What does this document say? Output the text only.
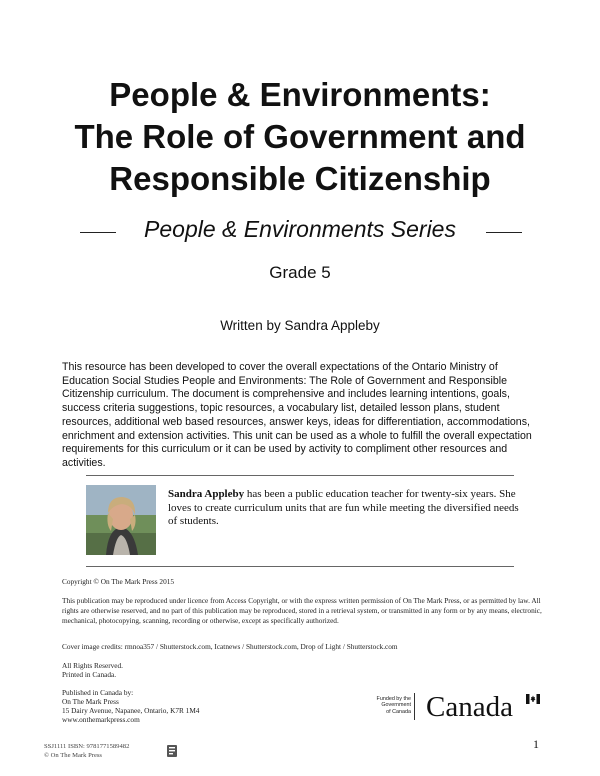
People & Environments:
The Role of Government and
Responsible Citizenship
People & Environments Series
Grade 5
Written by Sandra Appleby
This resource has been developed to cover the overall expectations of the Ontario Ministry of Education Social Studies People and Environments: The Role of Government and Responsible Citizenship curriculum. The document is comprehensive and includes learning intentions, goals, success criteria suggestions, topic resources, a vocabulary list, detailed lesson plans, student resources, additional web based resources, answer keys, ideas for differentiation, accommodations, enrichment and extension activities. This unit can be used as a whole to fulfill the overall expectation requirements for this curriculum or it can be used by activity to compliment other resources and activities.
Sandra Appleby has been a public education teacher for twenty-six years. She loves to create curriculum units that are fun while meeting the diversified needs of students.
Copyright © On The Mark Press 2015
This publication may be reproduced under licence from Access Copyright, or with the express written permission of On The Mark Press, or as permitted by law. All rights are otherwise reserved, and no part of this publication may be reproduced, stored in a retrieval system, or transmitted in any form or by any means, electronic, mechanical, photocopying, scanning, recording or otherwise, except as specifically authorized.
Cover image credits: rmnoa357 / Shutterstock.com, Icatnews / Shutterstock.com, Drop of Light / Shutterstock.com
All Rights Reserved.
Printed in Canada.
Published in Canada by:
On The Mark Press
15 Dairy Avenue, Napanee, Ontario, K7R 1M4
www.onthemarkpress.com
Funded by the
Government
of Canada Canada
SSJ1111 ISBN: 9781771589482
© On The Mark Press
1
